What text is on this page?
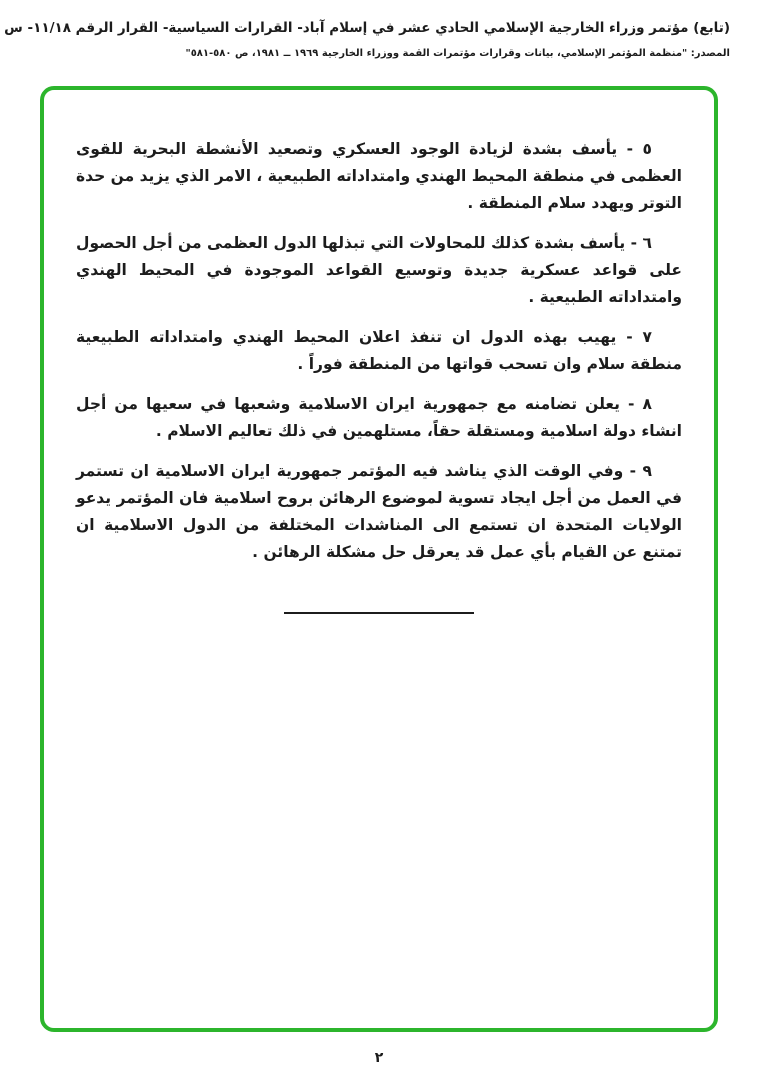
(تابع) مؤتمر وزراء الخارجية الإسلامي الحادي عشر في إسلام آباد- القرارات السياسية- القرار الرقم ١١/١٨- س
المصدر: "منظمة المؤتمر الإسلامي، بيانات وقرارات مؤتمرات القمة ووزراء الخارجية ١٩٦٩ ــ ١٩٨١، ص ٥٨٠-٥٨١"

٥ - يأسف بشدة لزيادة الوجود العسكري وتصعيد الأنشطة البحرية للقوى العظمى في منطقة المحيط الهندي وامتداداته الطبيعية ، الامر الذي يزيد من حدة التوتر ويهدد سلام المنطقة .

٦ - يأسف بشدة كذلك للمحاولات التي تبذلها الدول العظمى من أجل الحصول على قواعد عسكرية جديدة وتوسيع القواعد الموجودة في المحيط الهندي وامتداداته الطبيعية .

٧ - يهيب بهذه الدول ان تنفذ اعلان المحيط الهندي وامتداداته الطبيعية منطقة سلام وان تسحب قواتها من المنطقة فوراً .

٨ - يعلن تضامنه مع جمهورية ايران الاسلامية وشعبها في سعيها من أجل انشاء دولة اسلامية ومستقلة حقاً، مستلهمين في ذلك تعاليم الاسلام .

٩ - وفي الوقت الذي يناشد فيه المؤتمر جمهورية ايران الاسلامية ان تستمر في العمل من أجل ايجاد تسوية لموضوع الرهائن بروح اسلامية فان المؤتمر يدعو الولايات المتحدة ان تستمع الى المناشدات المختلفة من الدول الاسلامية ان تمتنع عن القيام بأي عمل قد يعرقل حل مشكلة الرهائن .

٢
